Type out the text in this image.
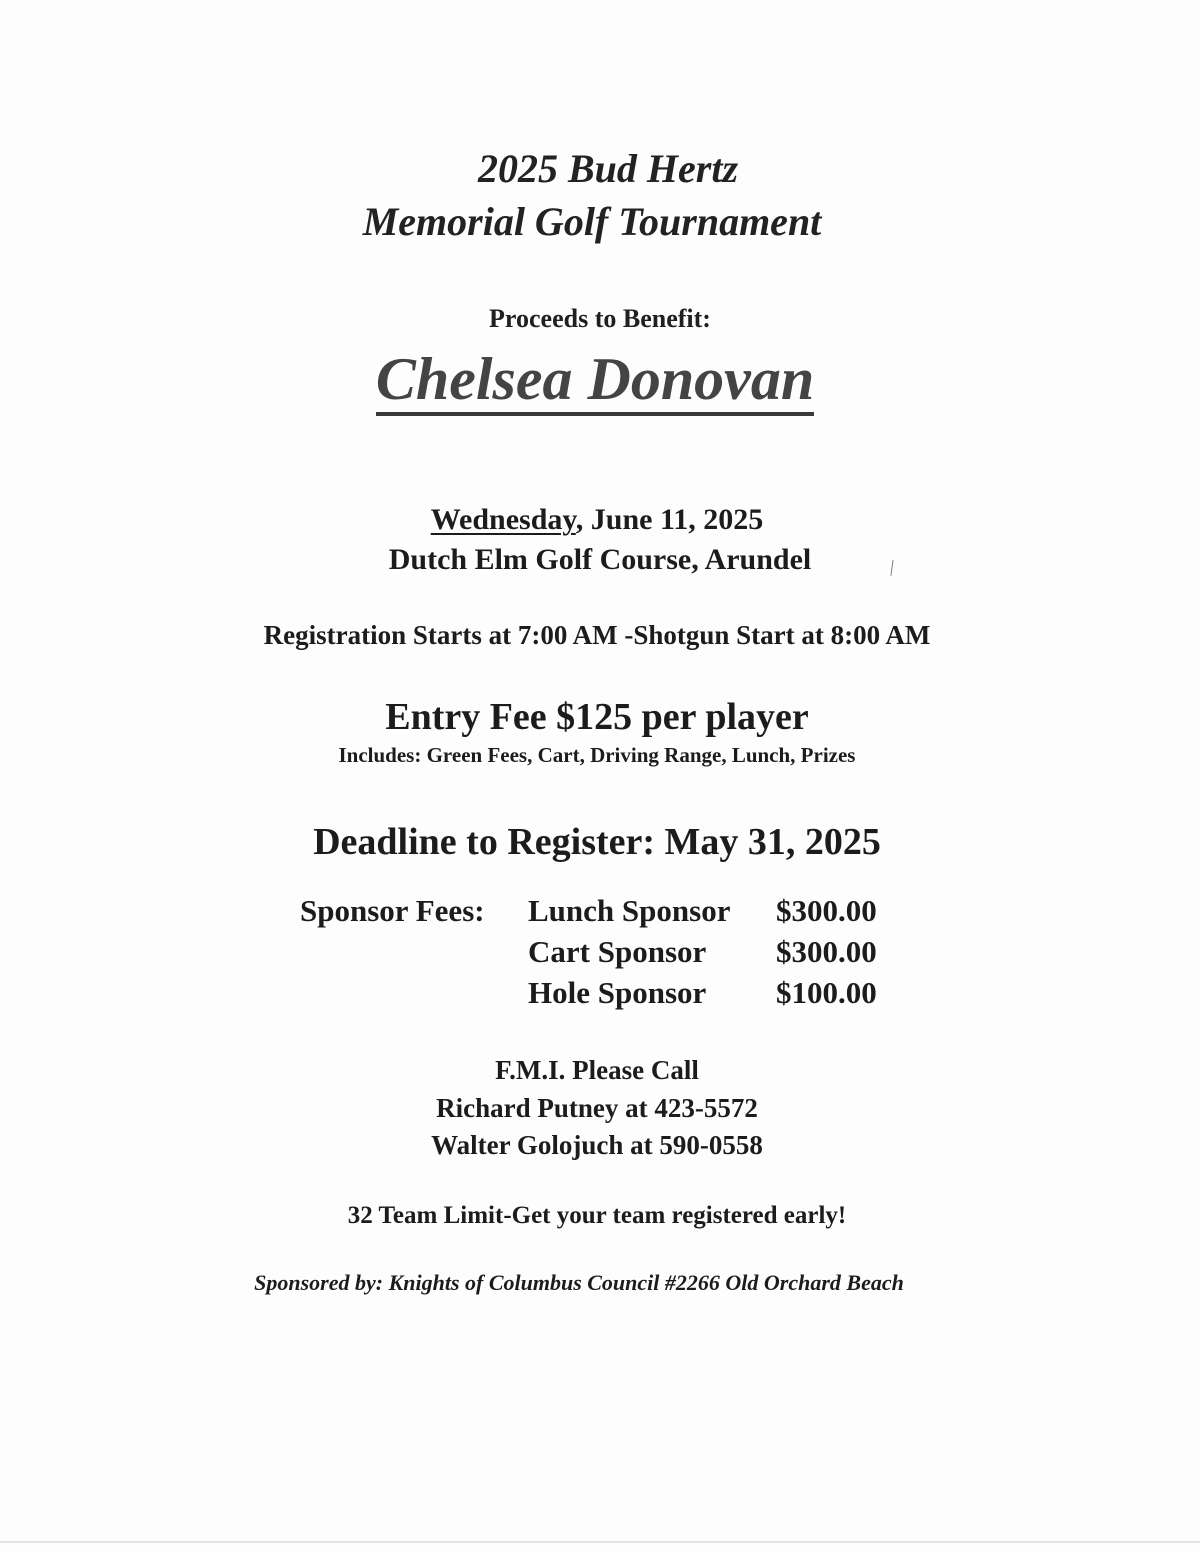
2025 Bud Hertz
Memorial Golf Tournament
Proceeds to Benefit:
Chelsea Donovan
Wednesday, June 11, 2025
Dutch Elm Golf Course, Arundel	╲
Registration Starts at 7:00 AM -Shotgun Start at 8:00 AM
Entry Fee $125 per player
Includes: Green Fees, Cart, Driving Range, Lunch, Prizes
Deadline to Register: May 31, 2025
Sponsor Fees:	Lunch Sponsor	$300.00
	Cart Sponsor	$300.00
	Hole Sponsor	$100.00
F.M.I. Please Call
Richard Putney at 423-5572
Walter Golojuch at 590-0558
32 Team Limit-Get your team registered early!
Sponsored by: Knights of Columbus Council #2266 Old Orchard Beach
